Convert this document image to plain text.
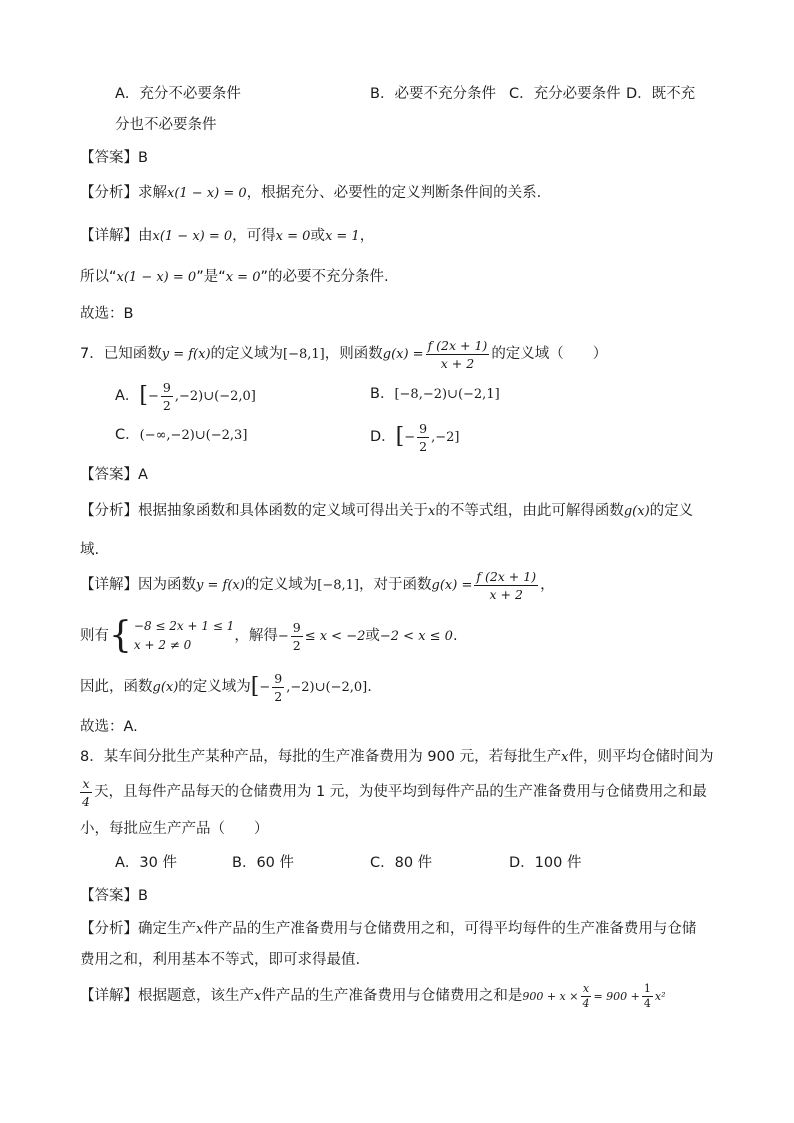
A．充分不必要条件	B．必要不充分条件 C．充分必要条件 D．既不充
分也不必要条件
【答案】B
【分析】求解x(1 − x) = 0，根据充分、必要性的定义判断条件间的关系.
【详解】由x(1 − x) = 0，可得x = 0或x = 1，
所以“x(1 − x) = 0”是“x = 0”的必要不充分条件.
故选：B
7．已知函数y = f(x)的定义域为[−8,1]，则函数$g(x) = \frac{f (2x + 1)}{x + 2}$ 的定义域（　　）
A．[− $\frac{9}{2}$ ,−2)∪(−2,0]	B．[−8,−2)∪(−2,1]
C．(−∞,−2)∪(−2,3]	D．[− $\frac{9}{2} ,-2$]
【答案】A
【分析】根据抽象函数和具体函数的定义域可得出关于x的不等式组，由此可解得函数g(x)的定义
域.
【详解】因为函数y = f(x)的定义域为[−8,1]，对于函数$g(x) = \frac{f (2x + 1)}{x + 2}$ ，
则有 { −8 ≤ 2x + 1 ≤ 1
x + 2 ≠ 0
，解得− $\frac{9}{2} \le x < -2$或−2 < x ≤ 0.
因此，函数g(x)的定义域为[− $\frac{9}{2}$ ,−2)∪(−2,0].
故选：A.
8．某车间分批生产某种产品，每批的生产准备费用为 900 元，若每批生产x件，则平均仓储时间为
$\frac{x}{4}$ 天，且每件产品每天的仓储费用为 1 元，为使平均到每件产品的生产准备费用与仓储费用之和最
小，每批应生产产品（　　）
A．30 件	B．60 件	C．80 件	D．100 件
【答案】B
【分析】确定生产x件产品的生产准备费用与仓储费用之和，可得平均每件的生产准备费用与仓储
费用之和，利用基本不等式，即可求得最值.
【详解】根据题意，该生产x件产品的生产准备费用与仓储费用之和是$900 + x \times \frac{x}{4} = 900 + \frac{1}{4} x^2$
